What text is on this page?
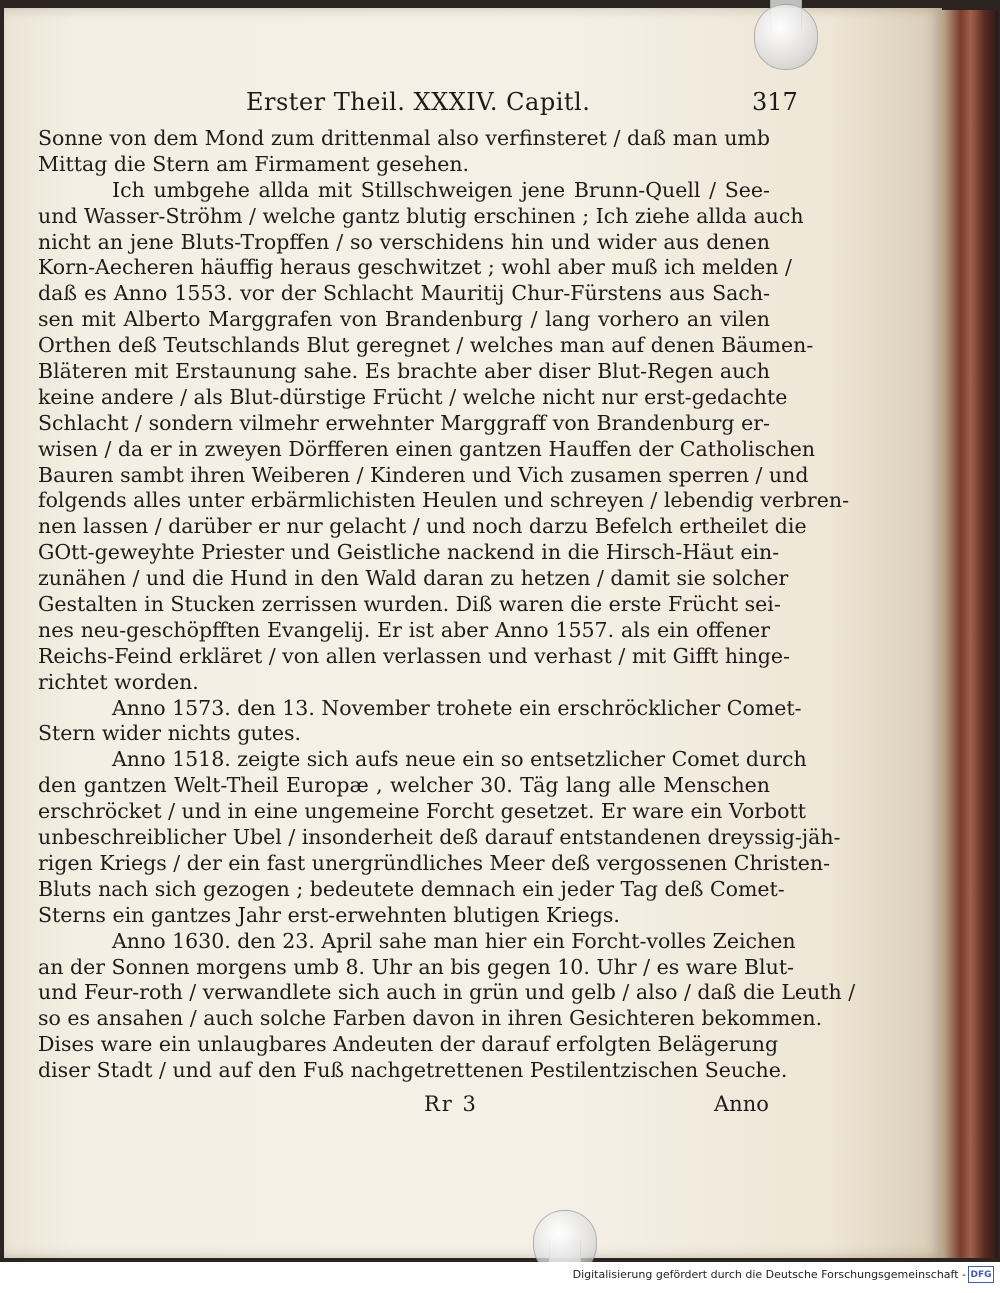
Erster Theil. XXXIV. Capitl.	317
Sonne von dem Mond zum drittenmal also verfinsteret / daß man umb
Mittag die Stern am Firmament gesehen.
Ich umbgehe allda mit Stillschweigen jene Brunn-Quell / See-
und Wasser-Ströhm / welche gantz blutig erschinen ; Ich ziehe allda auch
nicht an jene Bluts-Tropffen / so verschidens hin und wider aus denen
Korn-Aecheren häuffig heraus geschwitzet ; wohl aber muß ich melden /
daß es Anno 1553. vor der Schlacht Mauritij Chur-Fürstens aus Sach-
sen mit Alberto Marggrafen von Brandenburg / lang vorhero an vilen
Orthen deß Teutschlands Blut geregnet / welches man auf denen Bäumen-
Bläteren mit Erstaunung sahe. Es brachte aber diser Blut-Regen auch
keine andere / als Blut-dürstige Frücht / welche nicht nur erst-gedachte
Schlacht / sondern vilmehr erwehnter Marggraff von Brandenburg er-
wisen / da er in zweyen Dörfferen einen gantzen Hauffen der Catholischen
Bauren sambt ihren Weiberen / Kinderen und Vich zusamen sperren / und
folgends alles unter erbärmlichisten Heulen und schreyen / lebendig verbren-
nen lassen / darüber er nur gelacht / und noch darzu Befelch ertheilet die
GOtt-geweyhte Priester und Geistliche nackend in die Hirsch-Häut ein-
zunähen / und die Hund in den Wald daran zu hetzen / damit sie solcher
Gestalten in Stucken zerrissen wurden. Diß waren die erste Frücht sei-
nes neu-geschöpfften Evangelij. Er ist aber Anno 1557. als ein offener
Reichs-Feind erkläret / von allen verlassen und verhast / mit Gifft hinge-
richtet worden.
Anno 1573. den 13. November trohete ein erschröcklicher Comet-
Stern wider nichts gutes.
Anno 1518. zeigte sich aufs neue ein so entsetzlicher Comet durch
den gantzen Welt-Theil Europæ , welcher 30. Täg lang alle Menschen
erschröcket / und in eine ungemeine Forcht gesetzet. Er ware ein Vorbott
unbeschreiblicher Ubel / insonderheit deß darauf entstandenen dreyssig-jäh-
rigen Kriegs / der ein fast unergründliches Meer deß vergossenen Christen-
Bluts nach sich gezogen ; bedeutete demnach ein jeder Tag deß Comet-
Sterns ein gantzes Jahr erst-erwehnten blutigen Kriegs.
Anno 1630. den 23. April sahe man hier ein Forcht-volles Zeichen
an der Sonnen morgens umb 8. Uhr an bis gegen 10. Uhr / es ware Blut-
und Feur-roth / verwandlete sich auch in grün und gelb / also / daß die Leuth /
so es ansahen / auch solche Farben davon in ihren Gesichteren bekommen.
Dises ware ein unlaugbares Andeuten der darauf erfolgten Belägerung
diser Stadt / und auf den Fuß nachgetrettenen Pestilentzischen Seuche.
Rr 3	Anno
Digitalisierung gefördert durch die Deutsche Forschungsgemeinschaft - DFG
